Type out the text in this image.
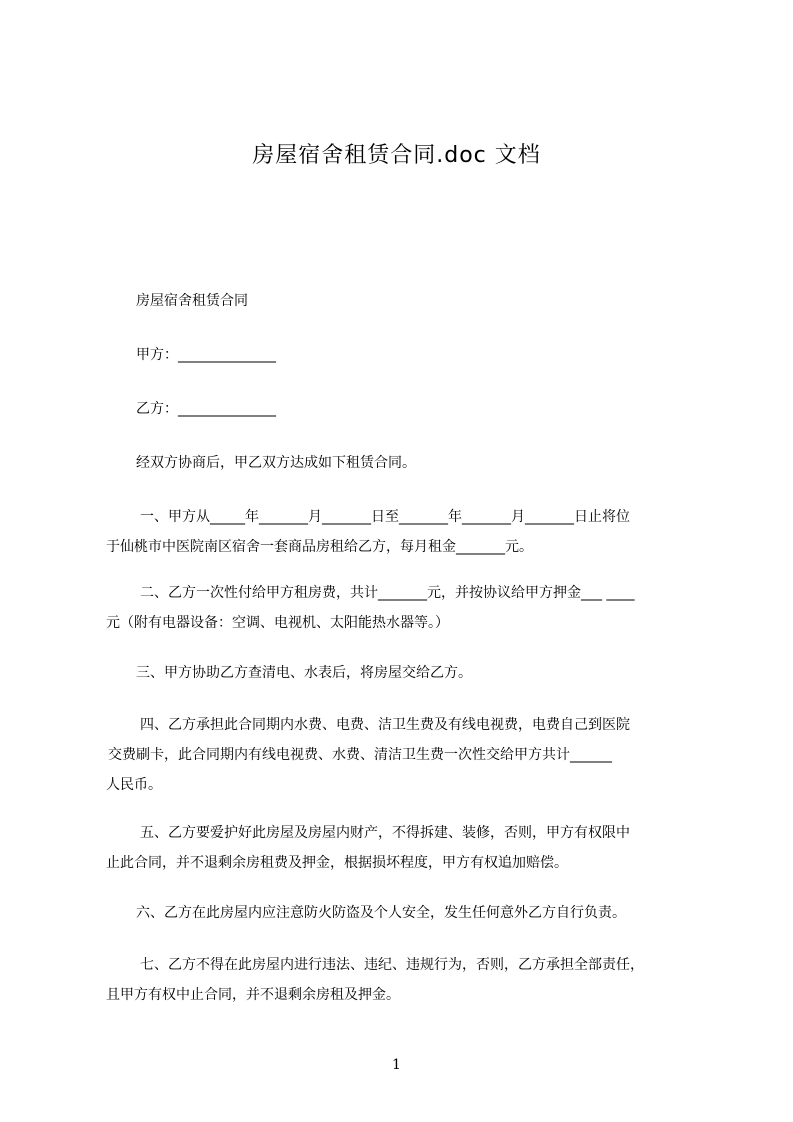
房屋宿舍租赁合同.doc 文档
房屋宿舍租赁合同
甲方：______________
乙方：______________
经双方协商后，甲乙双方达成如下租赁合同。
一、甲方从_____年_______月_______日至_______年_______月_______日止将位
于仙桃市中医院南区宿舍一套商品房租给乙方，每月租金_______元。
二、乙方一次性付给甲方租房费，共计_______元，并按协议给甲方押金___ ____
元（附有电器设备：空调、电视机、太阳能热水器等。）
三、甲方协助乙方查清电、水表后，将房屋交给乙方。
四、乙方承担此合同期内水费、电费、洁卫生费及有线电视费，电费自己到医院
交费刷卡，此合同期内有线电视费、水费、清洁卫生费一次性交给甲方共计______
人民币。
五、乙方要爱护好此房屋及房屋内财产，不得拆建、装修，否则，甲方有权限中
止此合同，并不退剩余房租费及押金，根据损坏程度，甲方有权追加赔偿。
六、乙方在此房屋内应注意防火防盗及个人安全，发生任何意外乙方自行负责。
七、乙方不得在此房屋内进行违法、违纪、违规行为，否则，乙方承担全部责任，
且甲方有权中止合同，并不退剩余房租及押金。
1
